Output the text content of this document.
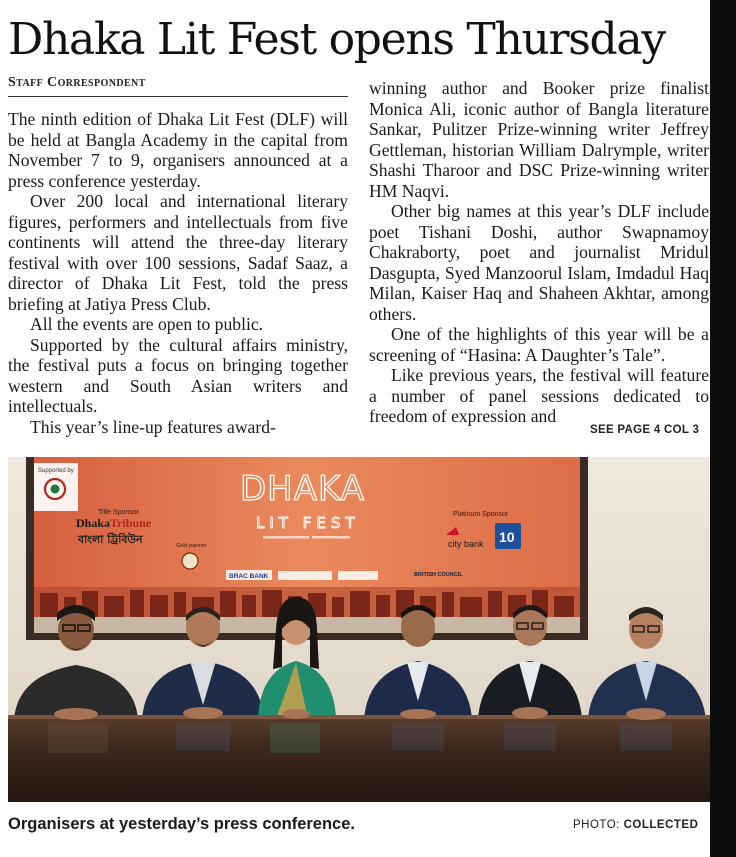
Dhaka Lit Fest opens Thursday
Staff Correspondent

The ninth edition of Dhaka Lit Fest (DLF) will be held at Bangla Academy in the capital from November 7 to 9, organisers announced at a press conference yesterday.

Over 200 local and international literary figures, performers and intellectuals from five continents will attend the three-day literary festival with over 100 sessions, Sadaf Saaz, a director of Dhaka Lit Fest, told the press briefing at Jatiya Press Club.

All the events are open to public.

Supported by the cultural affairs ministry, the festival puts a focus on bringing together western and South Asian writers and intellectuals.

This year’s line-up features award-

winning author and Booker prize finalist Monica Ali, iconic author of Bangla literature Sankar, Pulitzer Prize-winning writer Jeffrey Gettleman, historian William Dalrymple, writer Shashi Tharoor and DSC Prize-winning writer HM Naqvi.

Other big names at this year’s DLF include poet Tishani Doshi, author Swapnamoy Chakraborty, poet and journalist Mridul Dasgupta, Syed Manzoorul Islam, Imdadul Haq Milan, Kaiser Haq and Shaheen Akhtar, among others.

One of the highlights of this year will be a screening of “Hasina: A Daughter’s Tale”.

Like previous years, the festival will feature a number of panel sessions dedicated to freedom of expression and

SEE PAGE 4 COL 3
Supported by
Title Sponsor
DhakaTribune
বাংলা ট্রিবিউন	Gold partner
DHAKA
LIT FEST	Platinum Sponsor
city bank 10
BRAC BANK	BRITISH COUNCIL
Organisers at yesterday’s press conference.	PHOTO: COLLECTED
